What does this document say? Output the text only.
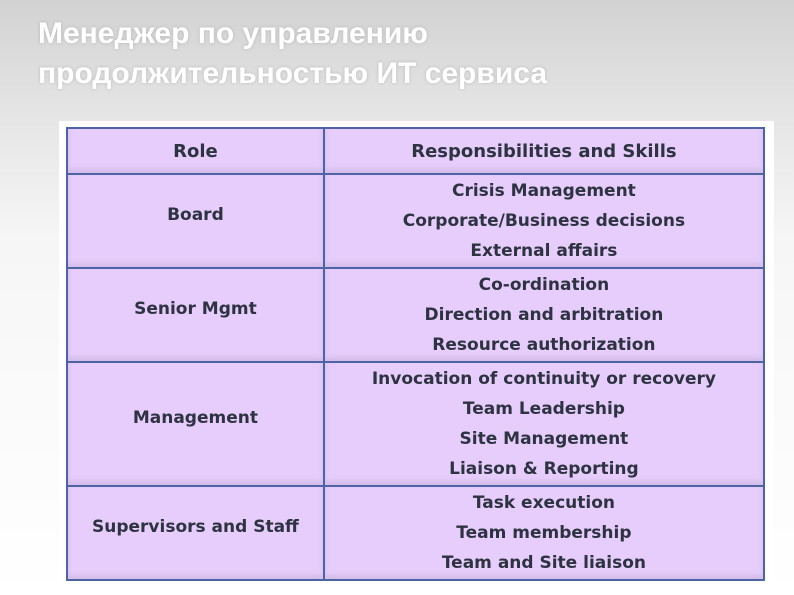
Менеджер по управлению
продолжительностью ИТ сервиса
Role	Responsibilities and Skills
Board	Crisis Management
Corporate/Business decisions
External affairs

Senior Mgmt	Co-ordination
Direction and arbitration
Resource authorization

Management	Invocation of continuity or recovery
Team Leadership
Site Management
Liaison & Reporting

Supervisors and Staff	Task execution
Team membership
Team and Site liaison
